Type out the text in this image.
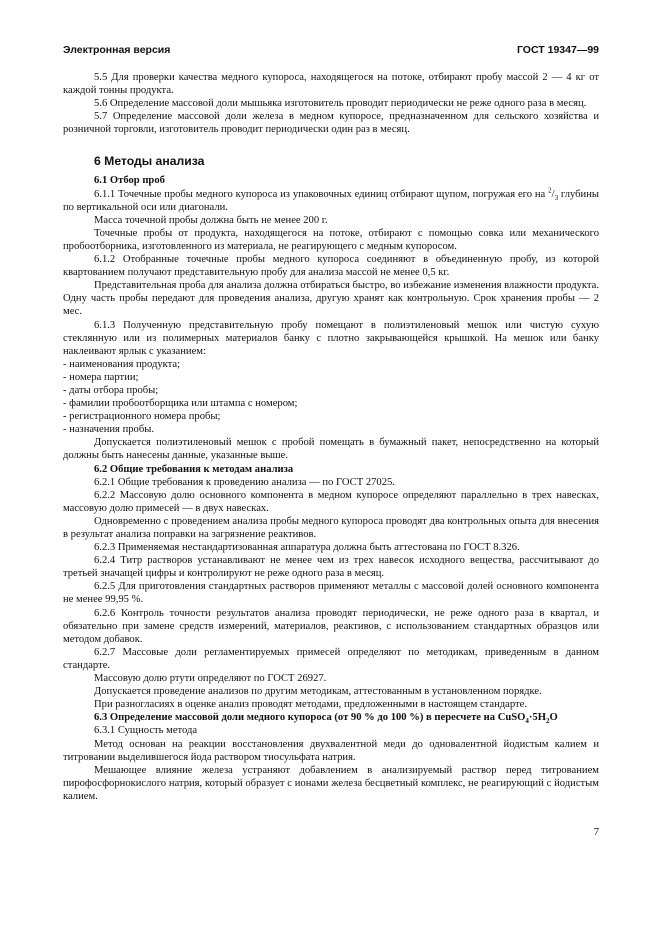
Электронная версия	ГОСТ 19347—99

5.5 Для проверки качества медного купороса, находящегося на потоке, отбирают пробу массой 2 — 4 кг от каждой тонны продукта.

5.6 Определение массовой доли мышьяка изготовитель проводит периодически не реже одного раза в месяц.

5.7 Определение массовой доли железа в медном купоросе, предназначенном для сельского хозяйства и розничной торговли, изготовитель проводит периодически один раз в месяц.

6 Методы анализа

6.1 Отбор проб

6.1.1 Точечные пробы медного купороса из упаковочных единиц отбирают щупом, погружая его на $^2/_3$ глубины по вертикальной оси или диагонали.

Масса точечной пробы должна быть не менее 200 г.

Точечные пробы от продукта, находящегося на потоке, отбирают с помощью совка или механического пробоотборника, изготовленного из материала, не реагирующего с медным купоросом.

6.1.2 Отобранные точечные пробы медного купороса соединяют в объединенную пробу, из которой квартованием получают представительную пробу для анализа массой не менее 0,5 кг.

Представительная проба для анализа должна отбираться быстро, во избежание изменения влажности продукта. Одну часть пробы передают для проведения анализа, другую хранят как контрольную. Срок хранения пробы — 2 мес.

6.1.3 Полученную представительную пробу помещают в полиэтиленовый мешок или чистую сухую стеклянную или из полимерных материалов банку с плотно закрывающейся крышкой. На мешок или банку наклеивают ярлык с указанием:

- наименования продукта;

- номера партии;

- даты отбора пробы;

- фамилии пробоотборщика или штампа с номером;

- регистрационного номера пробы;

- назначения пробы.

Допускается полиэтиленовый мешок с пробой помещать в бумажный пакет, непосредственно на который должны быть нанесены данные, указанные выше.

6.2 Общие требования к методам анализа

6.2.1 Общие требования к проведению анализа — по ГОСТ 27025.

6.2.2 Массовую долю основного компонента в медном купоросе определяют параллельно в трех навесках, массовую долю примесей — в двух навесках.

Одновременно с проведением анализа пробы медного купороса проводят два контрольных опыта для внесения в результат анализа поправки на загрязнение реактивов.

6.2.3 Применяемая нестандартизованная аппаратура должна быть аттестована по ГОСТ 8.326.

6.2.4 Титр растворов устанавливают не менее чем из трех навесок исходного вещества, рассчитывают до третьей значащей цифры и контролируют не реже одного раза в месяц.

6.2.5 Для приготовления стандартных растворов применяют металлы с массовой долей основного компонента не менее 99,95 %.

6.2.6 Контроль точности результатов анализа проводят периодически, не реже одного раза в квартал, и обязательно при замене средств измерений, материалов, реактивов, с использованием стандартных образцов или методом добавок.

6.2.7 Массовые доли регламентируемых примесей определяют по методикам, приведенным в данном стандарте.

Массовую долю ртути определяют по ГОСТ 26927.

Допускается проведение анализов по другим методикам, аттестованным в установленном порядке.

При разногласиях в оценке анализ проводят методами, предложенными в настоящем стандарте.

6.3 Определение массовой доли медного купороса (от 90 % до 100 %) в пересчете на $CuSO_4\cdot 5H_2O$

6.3.1 Сущность метода

Метод основан на реакции восстановления двухвалентной меди до одновалентной йодистым калием и титровании выделившегося йода раствором тиосульфата натрия.

Мешающее влияние железа устраняют добавлением в анализируемый раствор перед титрованием пирофосфорнокислого натрия, который образует с ионами железа бесцветный комплекс, не реагирующий с йодистым калием.

7
